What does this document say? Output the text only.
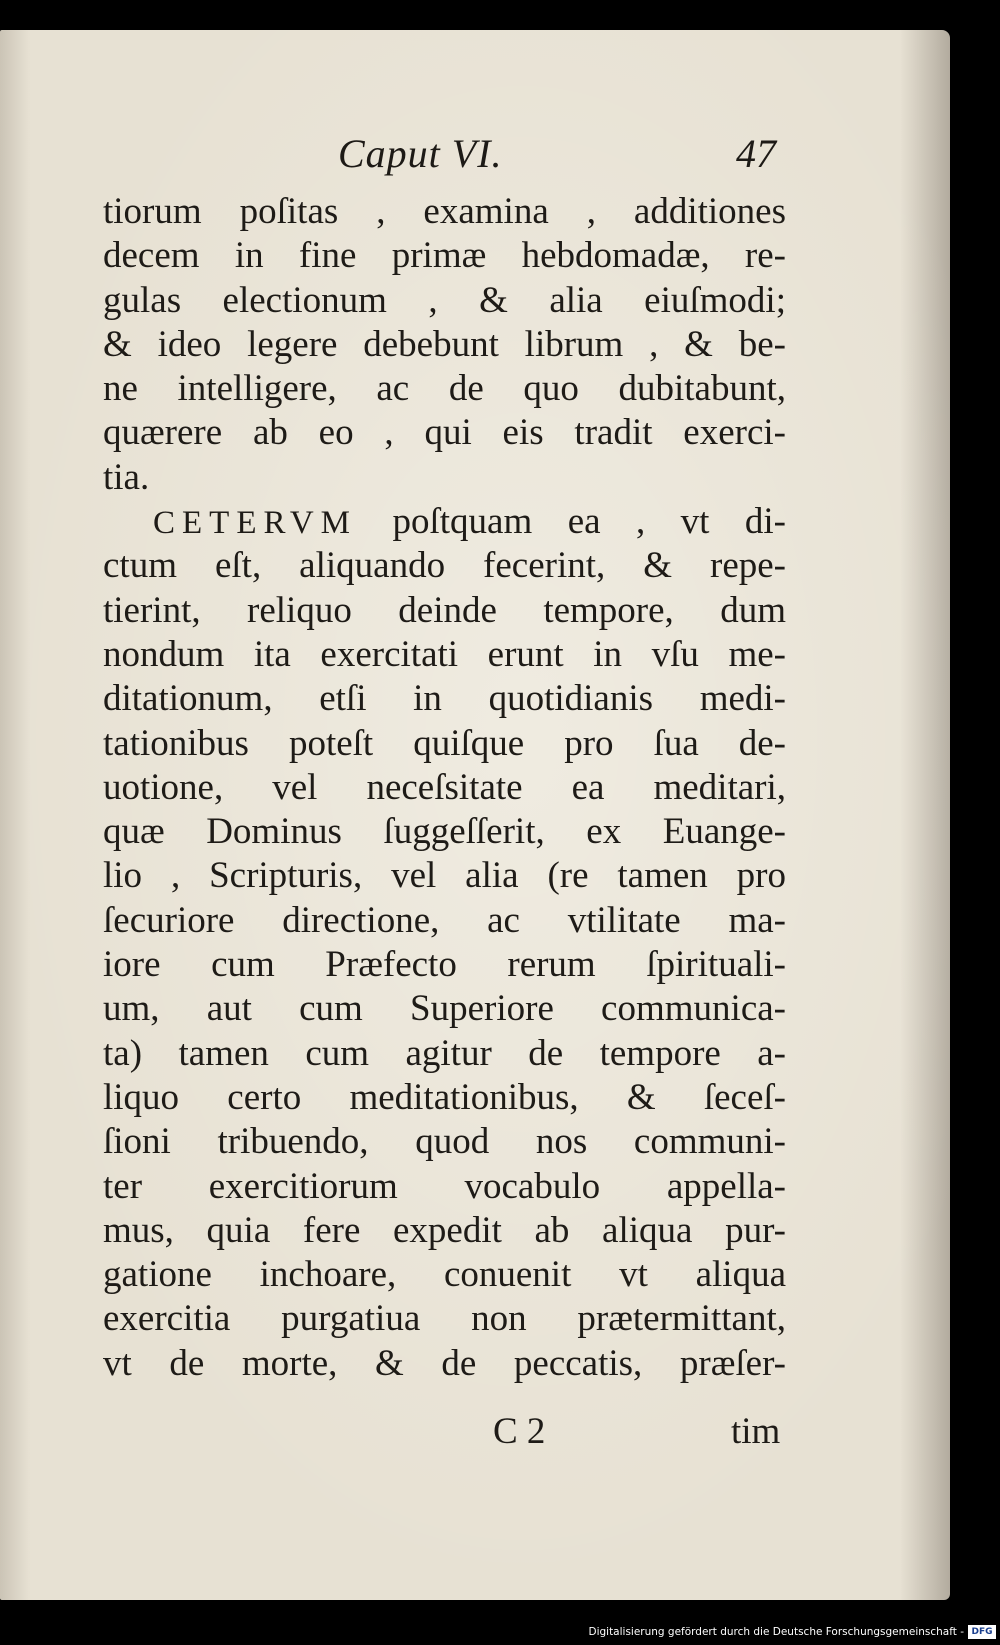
Caput VI.	47
tiorum poſitas , examina , additiones
decem in fine primæ hebdomadæ, re-
gulas electionum , & alia eiuſmodi;
& ideo legere debebunt librum , & be-
ne intelligere, ac de quo dubitabunt,
quærere ab eo , qui eis tradit exerci-
tia.
CETERVM poſtquam ea , vt di-
ctum eſt, aliquando fecerint, & repe-
tierint, reliquo deinde tempore, dum
nondum ita exercitati erunt in vſu me-
ditationum, etſi in quotidianis medi-
tationibus poteſt quiſque pro ſua de-
uotione, vel neceſsitate ea meditari,
quæ Dominus ſuggeſſerit, ex Euange-
lio , Scripturis, vel alia (re tamen pro
ſecuriore directione, ac vtilitate ma-
iore cum Præfecto rerum ſpirituali-
um, aut cum Superiore communica-
ta) tamen cum agitur de tempore a-
liquo certo meditationibus, & ſeceſ-
ſioni tribuendo, quod nos communi-
ter exercitiorum vocabulo appella-
mus, quia fere expedit ab aliqua pur-
gatione inchoare, conuenit vt aliqua
exercitia purgatiua non prætermittant,
vt de morte, & de peccatis, præſer-
C 2	tim
Digitalisierung gefördert durch die Deutsche Forschungsgemeinschaft - DFG
